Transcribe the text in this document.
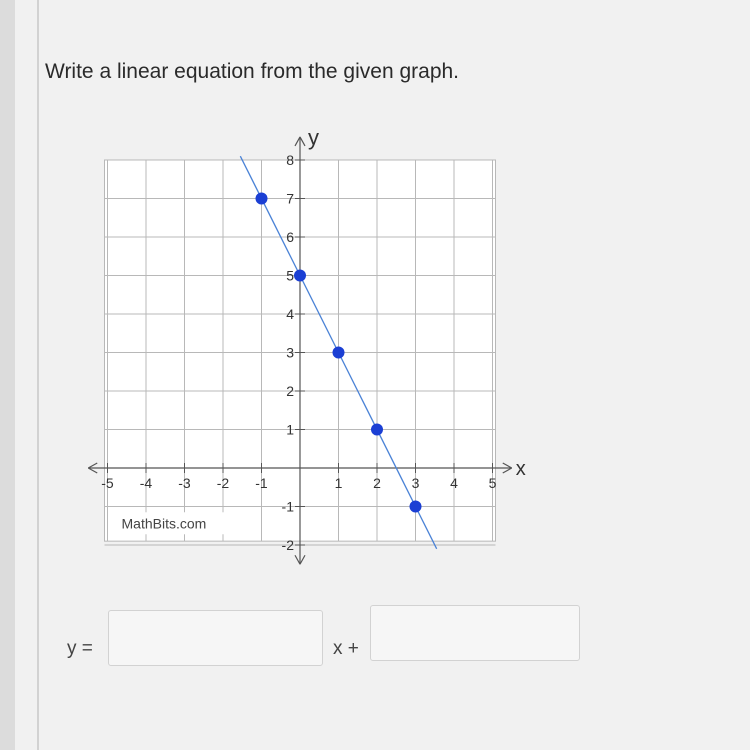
Write a linear equation from the given graph.
MathBits.com
-5 -4 -3 -2 -1	1 2 3 4 5
-2
-1
1
2
3
4
5
6
7
8
x
y
y =	x +
